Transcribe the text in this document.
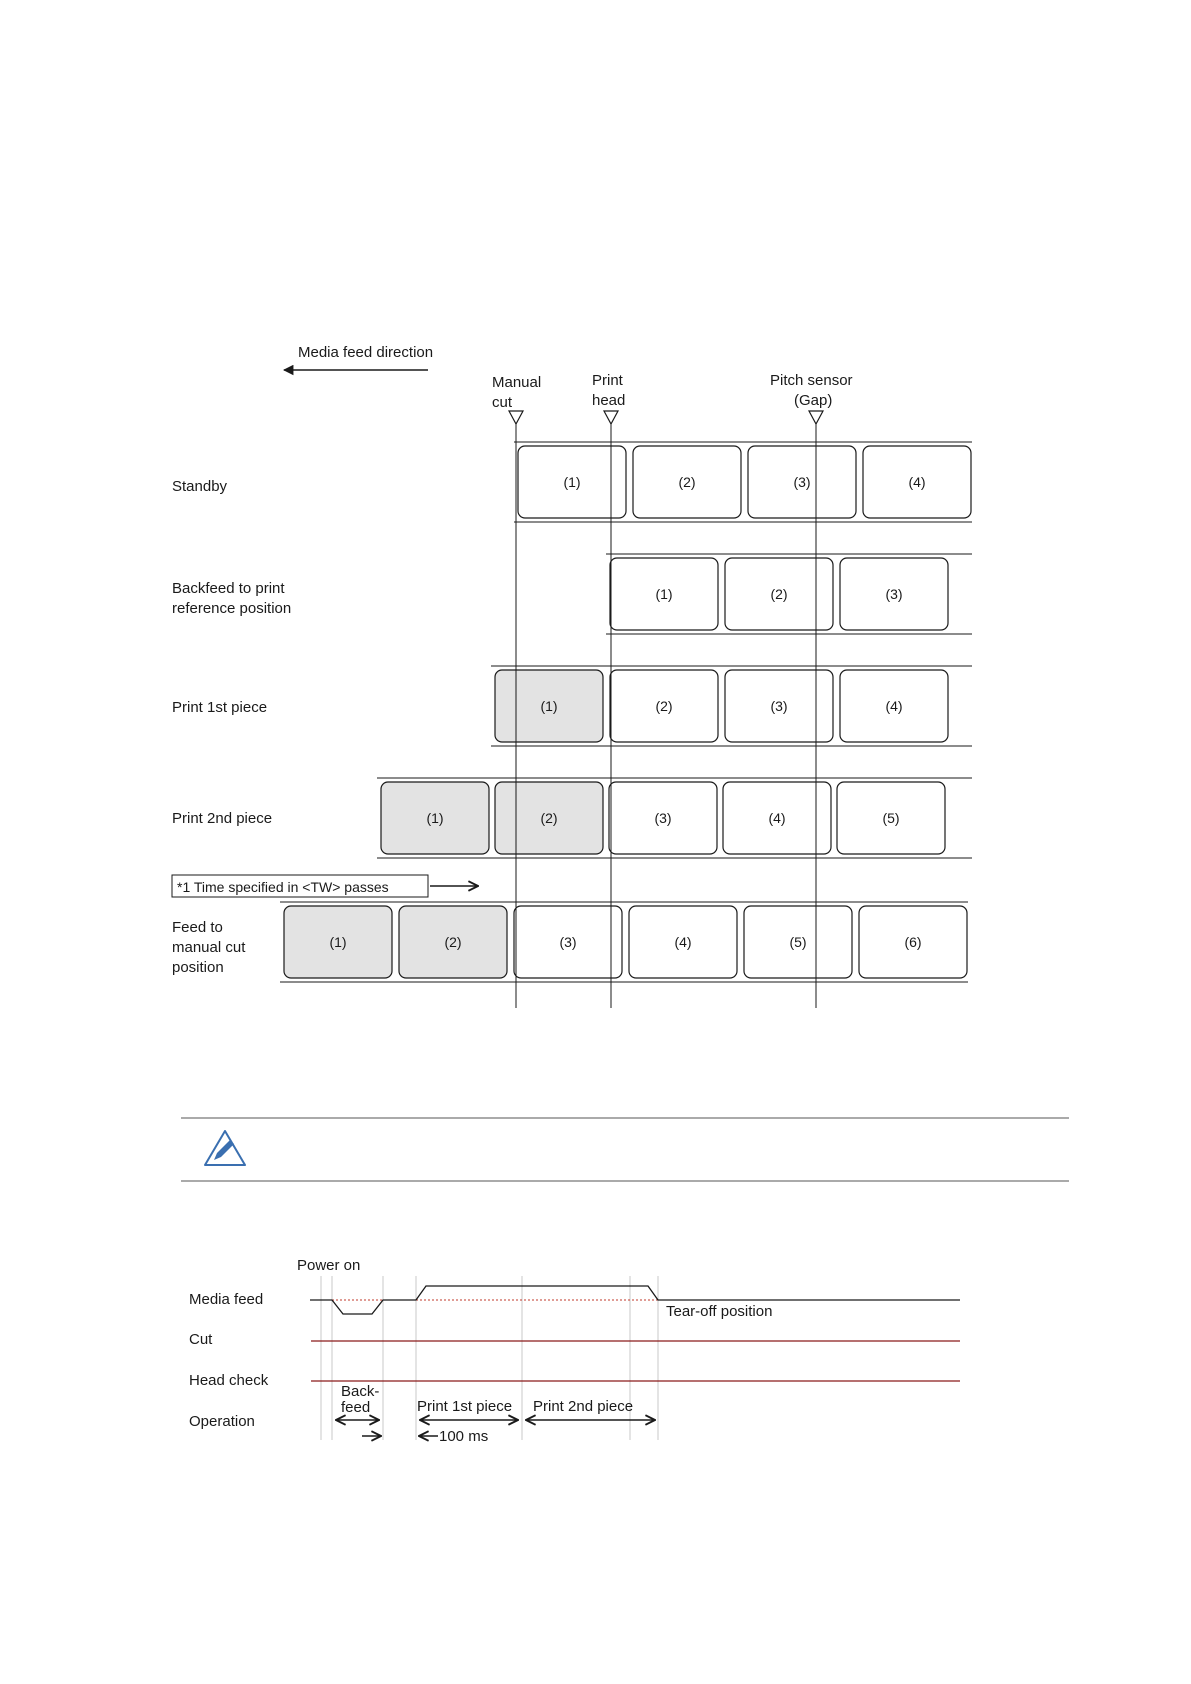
Media feed direction
Manual
cut
Print
head
Pitch sensor
(Gap)
Standby	(1)	(2)	(3)	(4)
Backfeed to print
reference position
(1)	(2)	(3)
Print 1st piece	(1)	(2)	(3)	(4)
Print 2nd piece	(1)	(2)	(3)	(4)	(5)
Feed to
manual cut
position
(1)	(2)	(3)	(4)	(5)	(6)
*1 Time specified in <TW> passes
Power on
Media feed
Cut
Head check
Operation
Tear-off position
Back-
feed	Print 1st piece Print 2nd piece
100 ms
